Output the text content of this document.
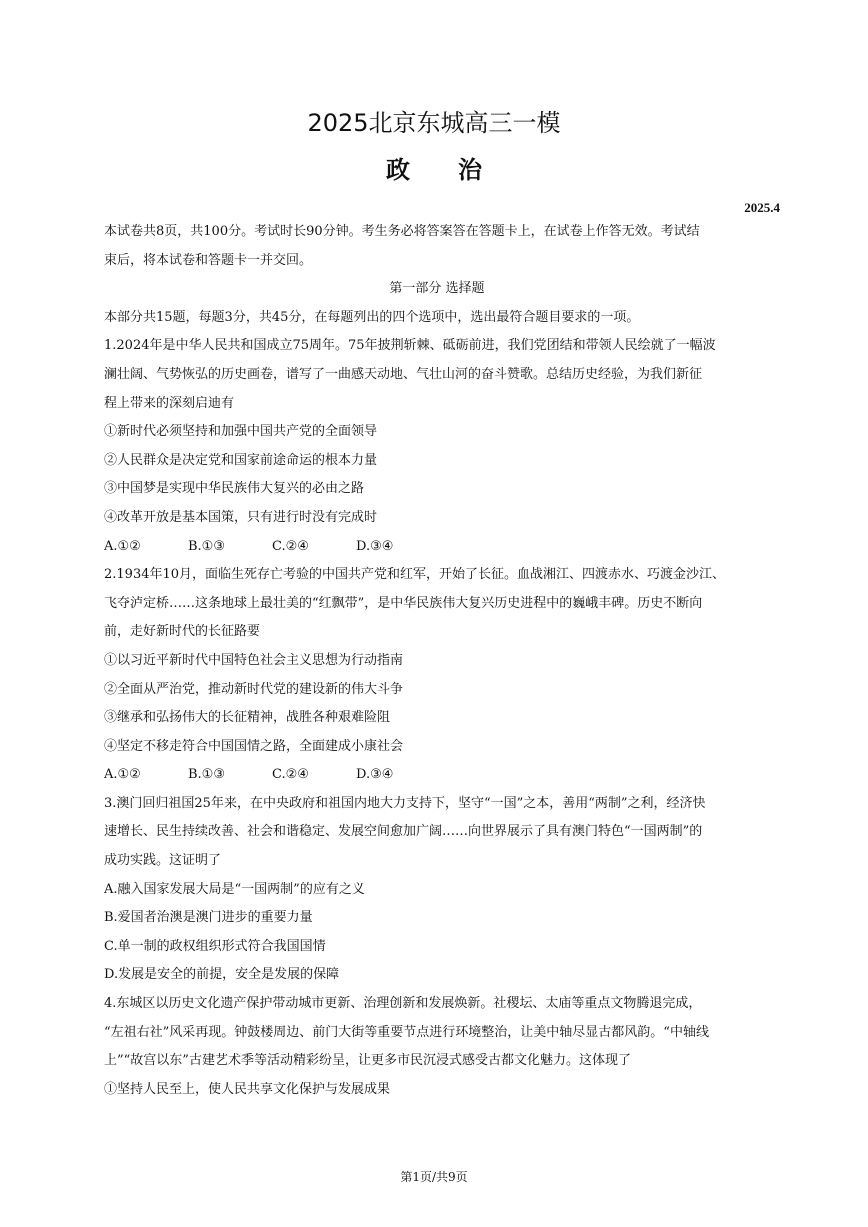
2025北京东城高三一模
政　　治
2025.4
本试卷共8页，共100分。考试时长90分钟。考生务必将答案答在答题卡上，在试卷上作答无效。考试结
束后，将本试卷和答题卡一并交回。
第一部分 选择题
本部分共15题，每题3分，共45分，在每题列出的四个选项中，选出最符合题目要求的一项。
1.2024年是中华人民共和国成立75周年。75年披荆斩棘、砥砺前进，我们党团结和带领人民绘就了一幅波
澜壮阔、气势恢弘的历史画卷，谱写了一曲感天动地、气壮山河的奋斗赞歌。总结历史经验，为我们新征
程上带来的深刻启迪有
①新时代必须坚持和加强中国共产党的全面领导
②人民群众是决定党和国家前途命运的根本力量
③中国梦是实现中华民族伟大复兴的必由之路
④改革开放是基本国策，只有进行时没有完成时
A.①②	B.①③	C.②④	D.③④
2.1934年10月，面临生死存亡考验的中国共产党和红军，开始了长征。血战湘江、四渡赤水、巧渡金沙江、
飞夺泸定桥……这条地球上最壮美的“红飘带”，是中华民族伟大复兴历史进程中的巍峨丰碑。历史不断向
前，走好新时代的长征路要
①以习近平新时代中国特色社会主义思想为行动指南
②全面从严治党，推动新时代党的建设新的伟大斗争
③继承和弘扬伟大的长征精神，战胜各种艰难险阻
④坚定不移走符合中国国情之路，全面建成小康社会
A.①②	B.①③	C.②④	D.③④
3.澳门回归祖国25年来，在中央政府和祖国内地大力支持下，坚守“一国”之本，善用“两制”之利，经济快
速增长、民生持续改善、社会和谐稳定、发展空间愈加广阔……向世界展示了具有澳门特色“一国两制”的
成功实践。这证明了
A.融入国家发展大局是“一国两制”的应有之义
B.爱国者治澳是澳门进步的重要力量
C.单一制的政权组织形式符合我国国情
D.发展是安全的前提，安全是发展的保障
4.东城区以历史文化遗产保护带动城市更新、治理创新和发展焕新。社稷坛、太庙等重点文物腾退完成，
“左祖右社”风采再现。钟鼓楼周边、前门大街等重要节点进行环境整治，让美中轴尽显古都风韵。“中轴线
上”“故宫以东”古建艺术季等活动精彩纷呈，让更多市民沉浸式感受古都文化魅力。这体现了
①坚持人民至上，使人民共享文化保护与发展成果
第1页/共9页
